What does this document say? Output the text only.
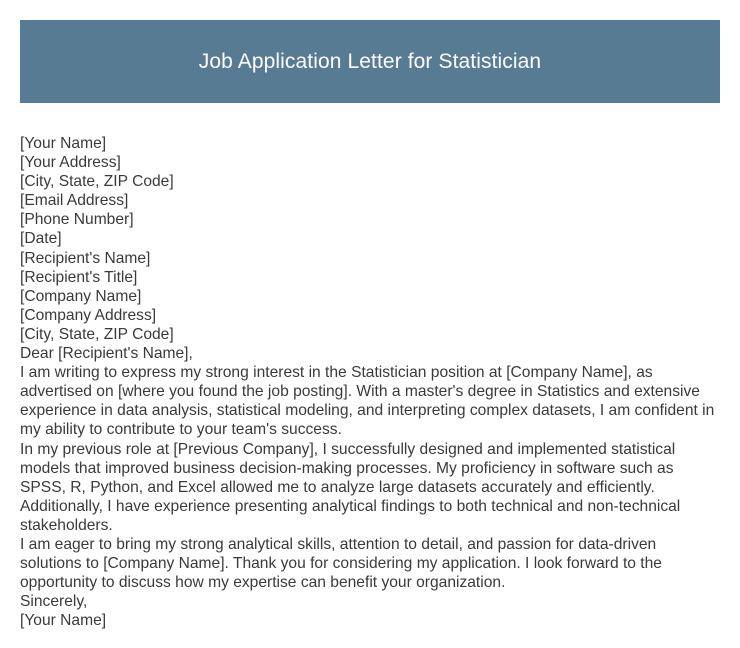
Job Application Letter for Statistician
[Your Name]
[Your Address]
[City, State, ZIP Code]
[Email Address]
[Phone Number]
[Date]
[Recipient's Name]
[Recipient's Title]
[Company Name]
[Company Address]
[City, State, ZIP Code]
Dear [Recipient's Name],

I am writing to express my strong interest in the Statistician position at [Company Name], as advertised on [where you found the job posting]. With a master's degree in Statistics and extensive experience in data analysis, statistical modeling, and interpreting complex datasets, I am confident in my ability to contribute to your team's success.

In my previous role at [Previous Company], I successfully designed and implemented statistical models that improved business decision-making processes. My proficiency in software such as SPSS, R, Python, and Excel allowed me to analyze large datasets accurately and efficiently. Additionally, I have experience presenting analytical findings to both technical and non-technical stakeholders.

I am eager to bring my strong analytical skills, attention to detail, and passion for data-driven solutions to [Company Name]. Thank you for considering my application. I look forward to the opportunity to discuss how my expertise can benefit your organization.

Sincerely,
[Your Name]
